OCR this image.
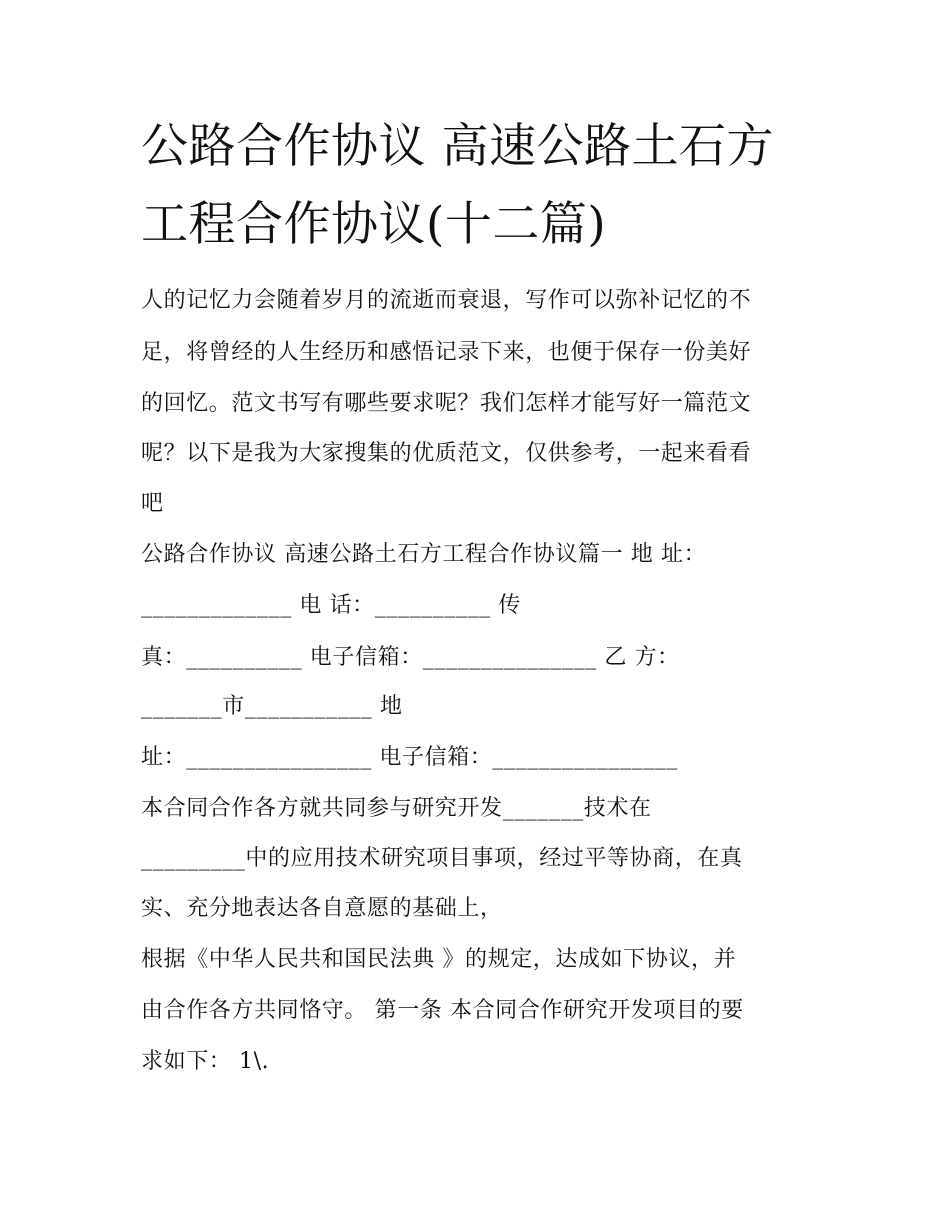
公路合作协议 高速公路土石方
工程合作协议(十二篇)
人的记忆力会随着岁月的流逝而衰退，写作可以弥补记忆的不
足，将曾经的人生经历和感悟记录下来，也便于保存一份美好
的回忆。范文书写有哪些要求呢？我们怎样才能写好一篇范文
呢？以下是我为大家搜集的优质范文，仅供参考，一起来看看
吧
公路合作协议 高速公路土石方工程合作协议篇一 地 址：
_____________ 电 话：__________ 传
真：__________ 电子信箱：_______________ 乙 方：
_______市___________ 地
址：________________ 电子信箱：________________
本合同合作各方就共同参与研究开发_______技术在
_________中的应用技术研究项目事项，经过平等协商，在真
实、充分地表达各自意愿的基础上，
根据《中华人民共和国民法典 》的规定，达成如下协议，并
由合作各方共同恪守。 第一条 本合同合作研究开发项目的要
求如下： 1\.
